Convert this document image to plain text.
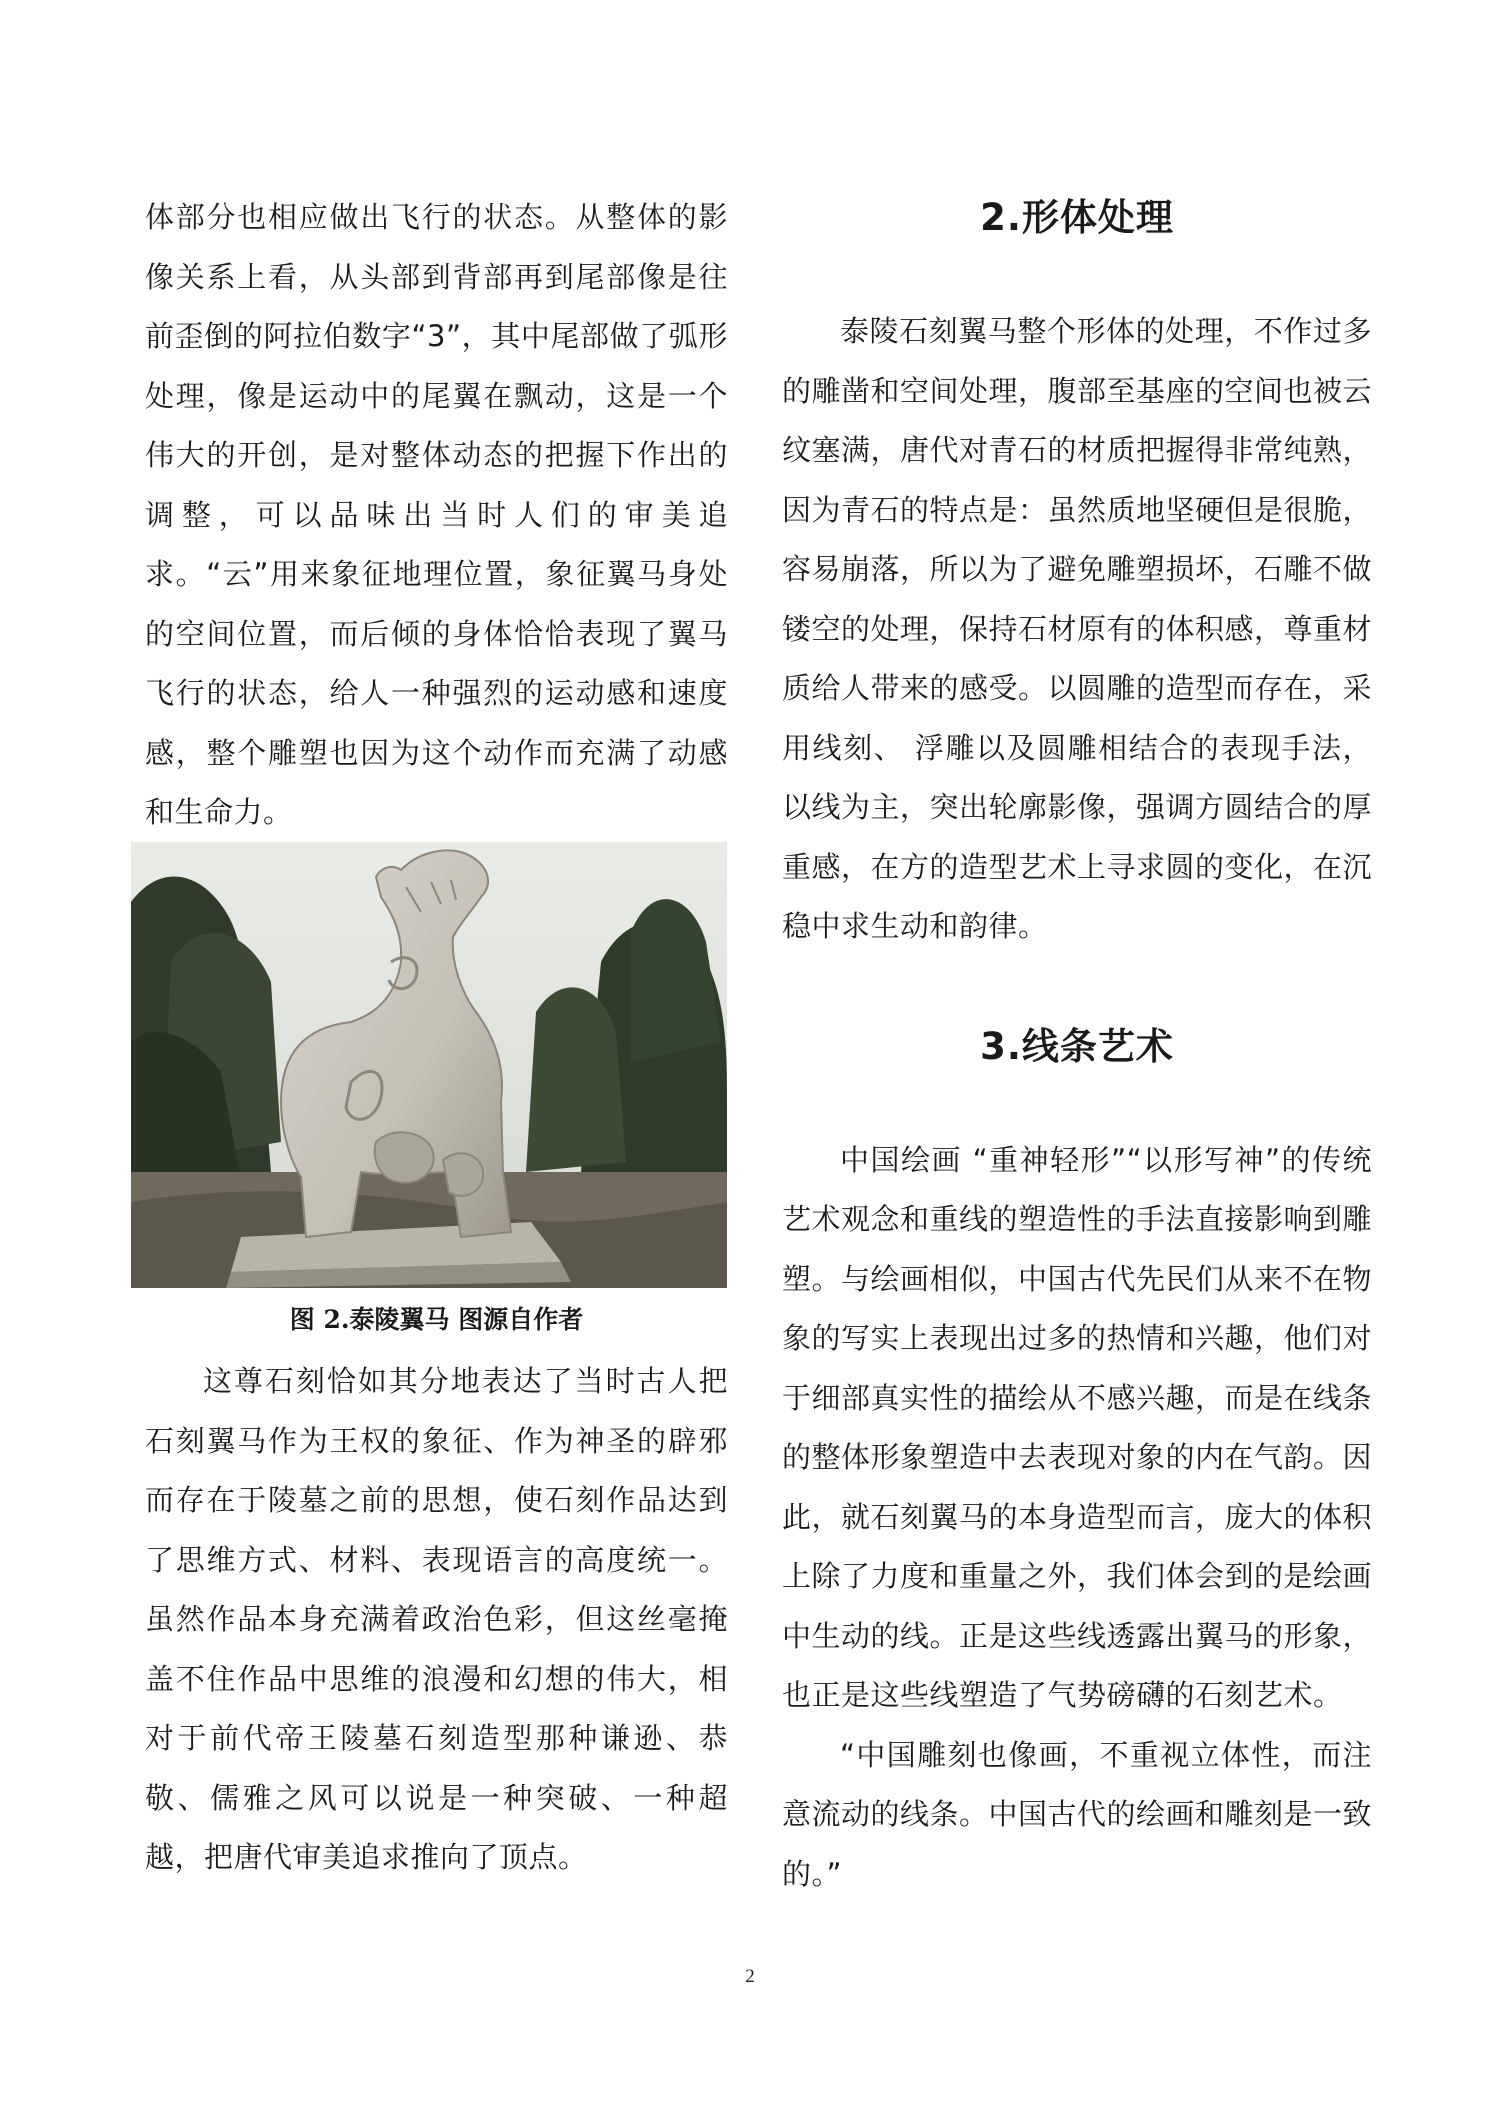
体部分也相应做出飞行的状态。从整体的影像关系上看，从头部到背部再到尾部像是往前歪倒的阿拉伯数字“3”，其中尾部做了弧形处理，像是运动中的尾翼在飘动，这是一个伟大的开创，是对整体动态的把握下作出的调整，可以品味出当时人们的审美追求。“云”用来象征地理位置，象征翼马身处的空间位置，而后倾的身体恰恰表现了翼马飞行的状态，给人一种强烈的运动感和速度感，整个雕塑也因为这个动作而充满了动感和生命力。

图 2.泰陵翼马 图源自作者

这尊石刻恰如其分地表达了当时古人把石刻翼马作为王权的象征、作为神圣的辟邪而存在于陵墓之前的思想，使石刻作品达到了思维方式、材料、表现语言的高度统一。虽然作品本身充满着政治色彩，但这丝毫掩盖不住作品中思维的浪漫和幻想的伟大，相对于前代帝王陵墓石刻造型那种谦逊、恭敬、儒雅之风可以说是一种突破、一种超越，把唐代审美追求推向了顶点。

2.形体处理

泰陵石刻翼马整个形体的处理，不作过多的雕凿和空间处理，腹部至基座的空间也被云纹塞满，唐代对青石的材质把握得非常纯熟，因为青石的特点是：虽然质地坚硬但是很脆，容易崩落，所以为了避免雕塑损坏，石雕不做镂空的处理，保持石材原有的体积感，尊重材质给人带来的感受。以圆雕的造型而存在，采用线刻、 浮雕以及圆雕相结合的表现手法，以线为主，突出轮廓影像，强调方圆结合的厚重感，在方的造型艺术上寻求圆的变化，在沉稳中求生动和韵律。

3.线条艺术

中国绘画 “重神轻形”“以形写神”的传统艺术观念和重线的塑造性的手法直接影响到雕塑。与绘画相似，中国古代先民们从来不在物象的写实上表现出过多的热情和兴趣，他们对于细部真实性的描绘从不感兴趣，而是在线条的整体形象塑造中去表现对象的内在气韵。因此，就石刻翼马的本身造型而言，庞大的体积上除了力度和重量之外，我们体会到的是绘画中生动的线。正是这些线透露出翼马的形象，也正是这些线塑造了气势磅礴的石刻艺术。

“中国雕刻也像画，不重视立体性，而注意流动的线条。中国古代的绘画和雕刻是一致的。”

2
